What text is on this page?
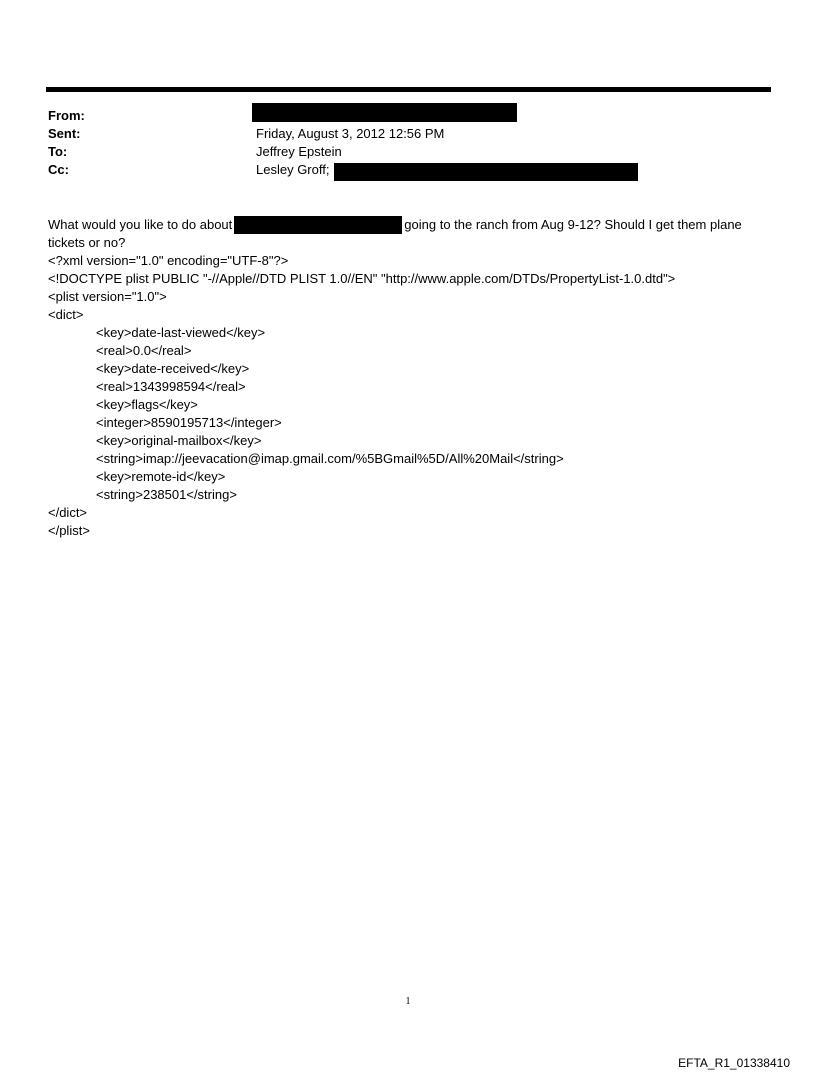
From:
Sent:	Friday, August 3, 2012 12:56 PM
To:	Jeffrey Epstein
Cc:	Lesley Groff;
What would you like to do about	going to the ranch from Aug 9-12? Should I get them plane
tickets or no?
<?xml version="1.0" encoding="UTF-8"?>
<!DOCTYPE plist PUBLIC "-//Apple//DTD PLIST 1.0//EN" "http://www.apple.com/DTDs/PropertyList-1.0.dtd">
<plist version="1.0">
<dict>
<key>date-last-viewed</key>
<real>0.0</real>
<key>date-received</key>
<real>1343998594</real>
<key>flags</key>
<integer>8590195713</integer>
<key>original-mailbox</key>
<string>imap://jeevacation@imap.gmail.com/%5BGmail%5D/All%20Mail</string>
<key>remote-id</key>
<string>238501</string>
</dict>
</plist>
1
EFTA_R1_01338410
